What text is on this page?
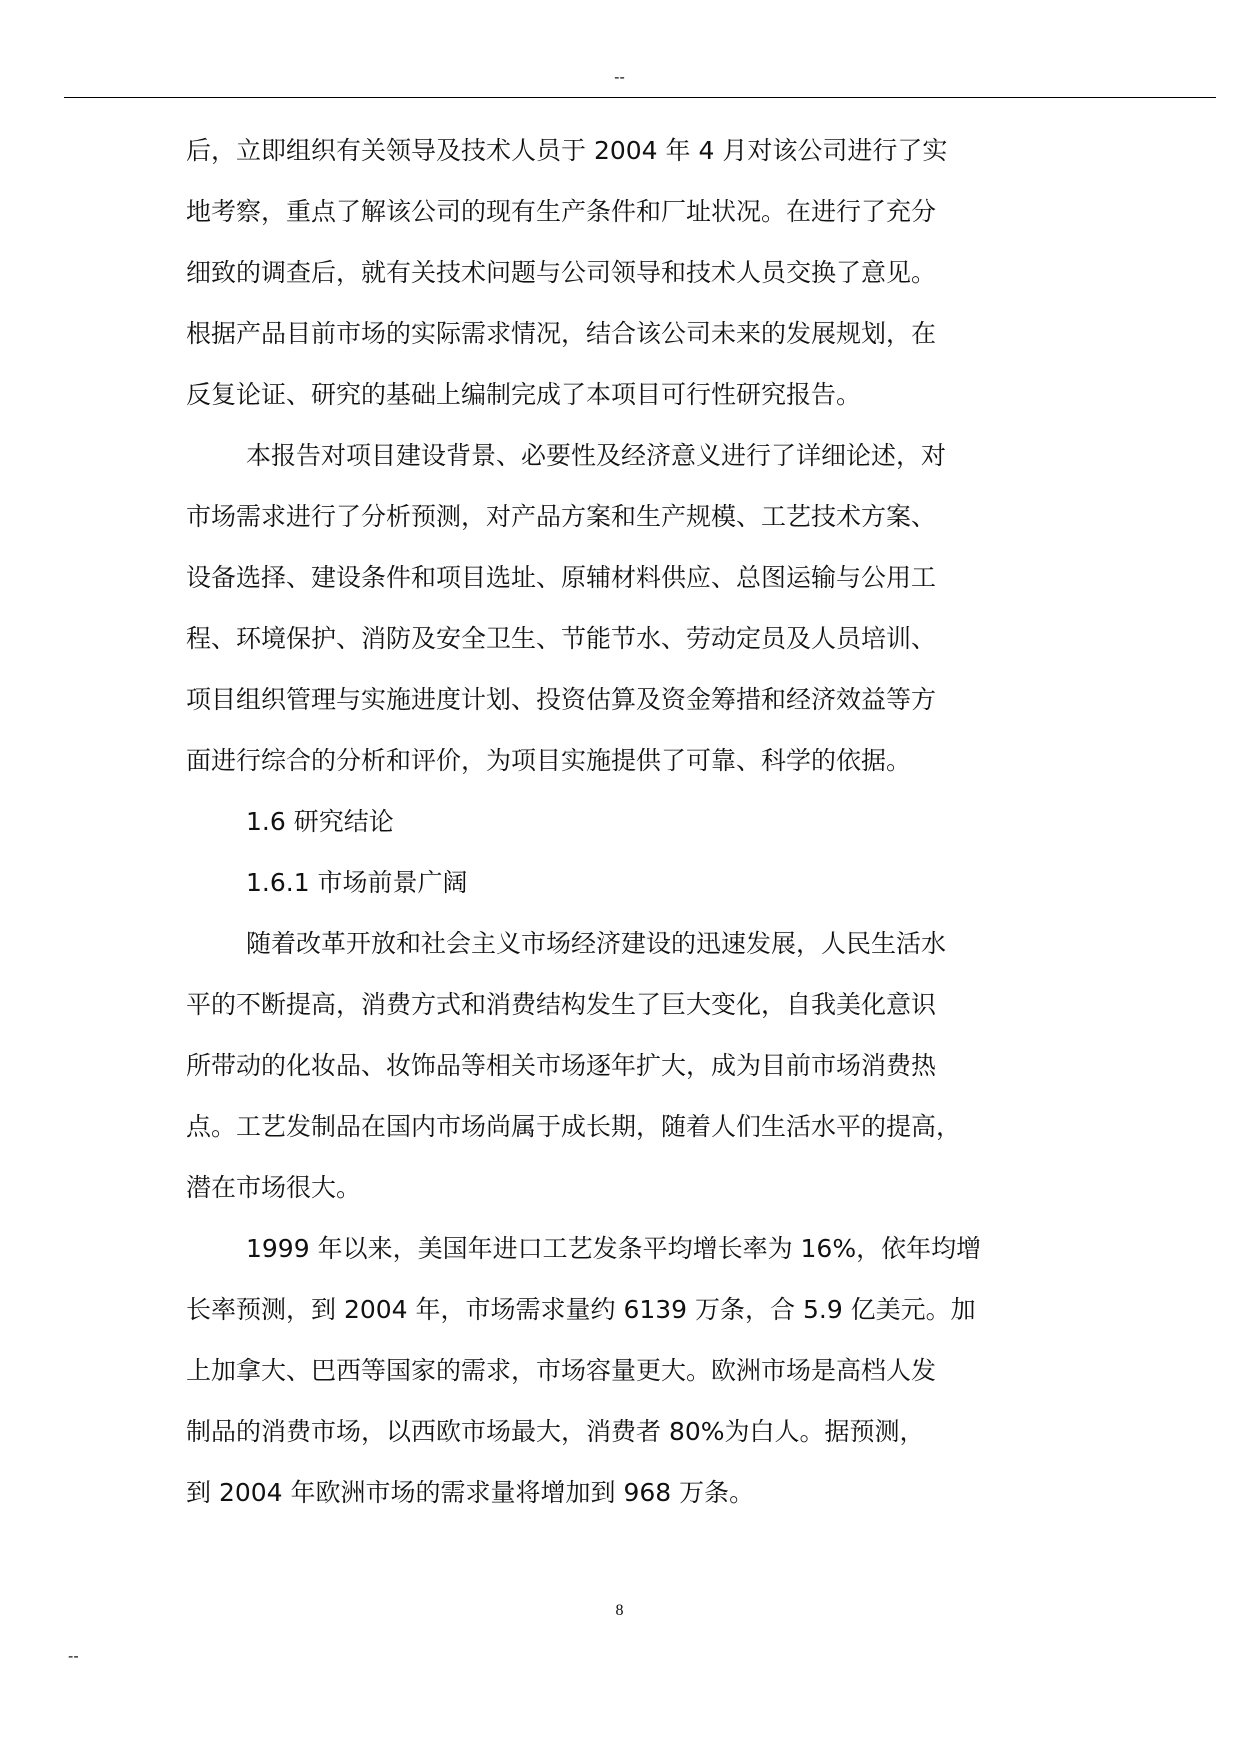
--
后，立即组织有关领导及技术人员于 2004 年 4 月对该公司进行了实
地考察，重点了解该公司的现有生产条件和厂址状况。在进行了充分
细致的调查后，就有关技术问题与公司领导和技术人员交换了意见。
根据产品目前市场的实际需求情况，结合该公司未来的发展规划，在
反复论证、研究的基础上编制完成了本项目可行性研究报告。
本报告对项目建设背景、必要性及经济意义进行了详细论述，对
市场需求进行了分析预测，对产品方案和生产规模、工艺技术方案、
设备选择、建设条件和项目选址、原辅材料供应、总图运输与公用工
程、环境保护、消防及安全卫生、节能节水、劳动定员及人员培训、
项目组织管理与实施进度计划、投资估算及资金筹措和经济效益等方
面进行综合的分析和评价，为项目实施提供了可靠、科学的依据。
1.6 研究结论
1.6.1 市场前景广阔
随着改革开放和社会主义市场经济建设的迅速发展，人民生活水
平的不断提高，消费方式和消费结构发生了巨大变化，自我美化意识
所带动的化妆品、妆饰品等相关市场逐年扩大，成为目前市场消费热
点。工艺发制品在国内市场尚属于成长期，随着人们生活水平的提高，
潜在市场很大。
1999 年以来，美国年进口工艺发条平均增长率为 16%，依年均增
长率预测，到 2004 年，市场需求量约 6139 万条，合 5.9 亿美元。加
上加拿大、巴西等国家的需求，市场容量更大。欧洲市场是高档人发
制品的消费市场，以西欧市场最大，消费者 80%为白人。据预测，
到 2004 年欧洲市场的需求量将增加到 968 万条。
8
--
